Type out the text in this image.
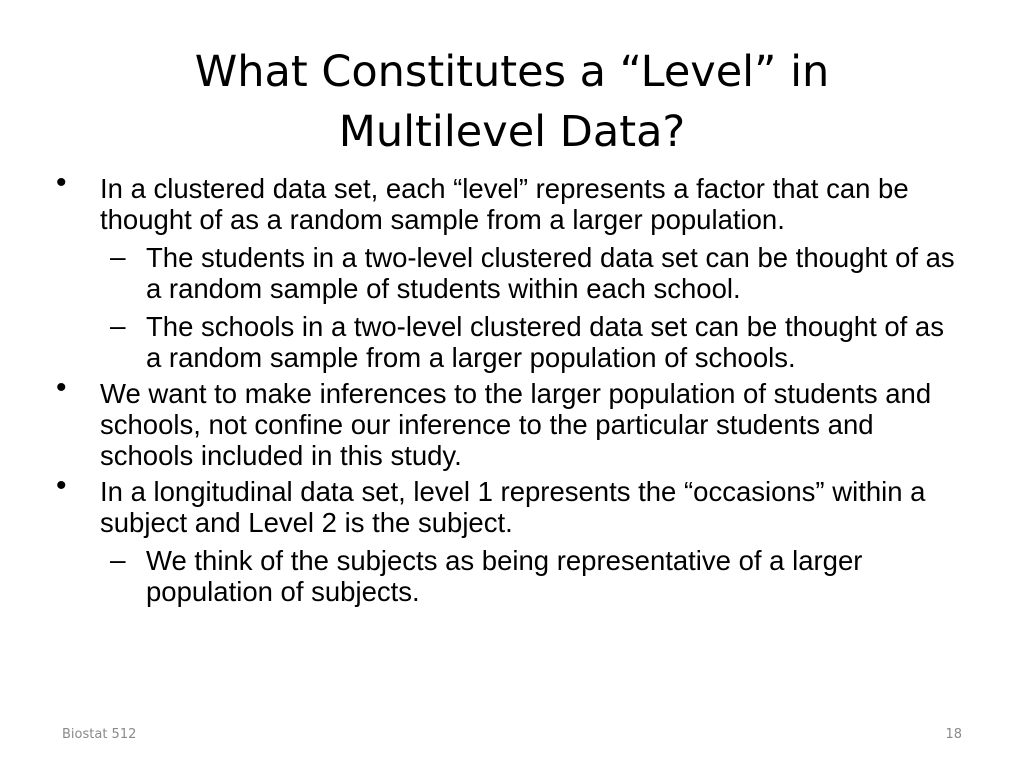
What Constitutes a “Level” in
Multilevel Data?
• In a clustered data set, each “level” represents a factor that can be thought of as a random sample from a larger population.
– The students in a two-level clustered data set can be thought of as a random sample of students within each school.
– The schools in a two-level clustered data set can be thought of as a random sample from a larger population of schools.
• We want to make inferences to the larger population of students and schools, not confine our inference to the particular students and schools included in this study.
• In a longitudinal data set, level 1 represents the “occasions” within a subject and Level 2 is the subject.
– We think of the subjects as being representative of a larger population of subjects.
Biostat 512	18
